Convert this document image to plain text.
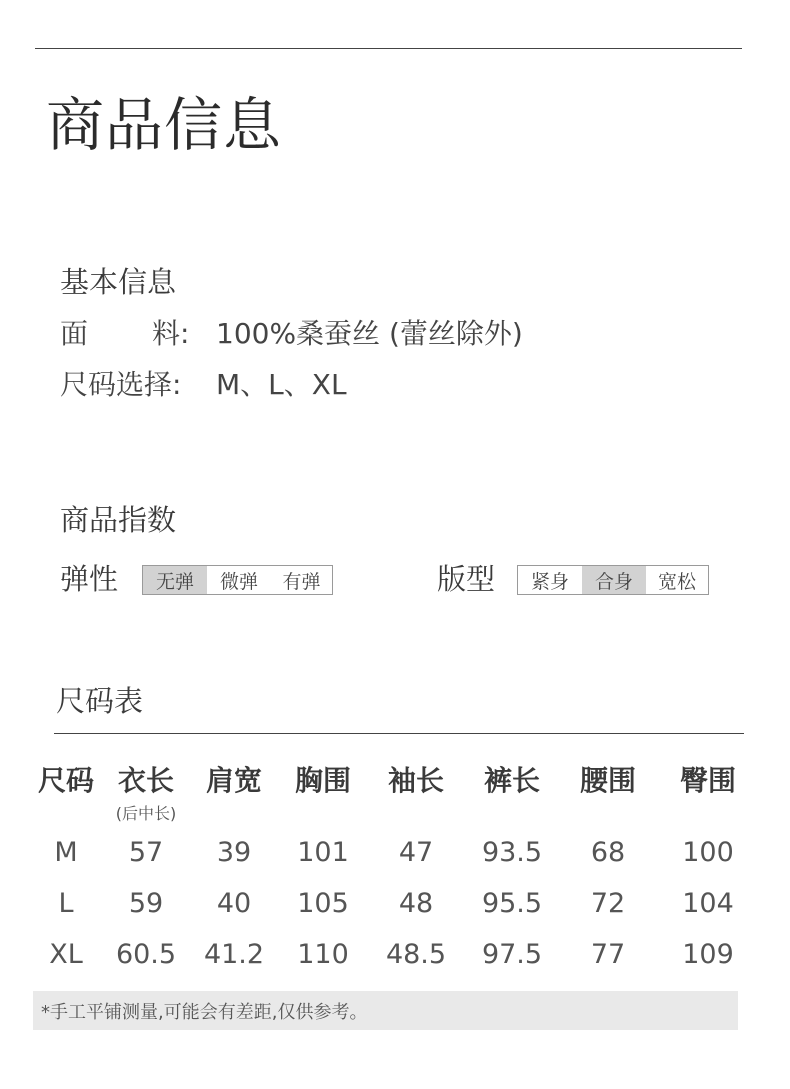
商品信息
基本信息
面 料: 100%桑蚕丝 (蕾丝除外)
尺码选择: M、L、XL
商品指数
弹性	无弹	微弹	有弹	版型	紧身	合身	宽松
尺码表
尺码	衣长	肩宽	胸围	袖长	裤长	腰围	臀围
	(后中长)						
M	57	39	101	47	93.5	68	100
L	59	40	105	48	95.5	72	104
XL	60.5	41.2	110	48.5	97.5	77	109
*手工平铺测量,可能会有差距,仅供参考。
